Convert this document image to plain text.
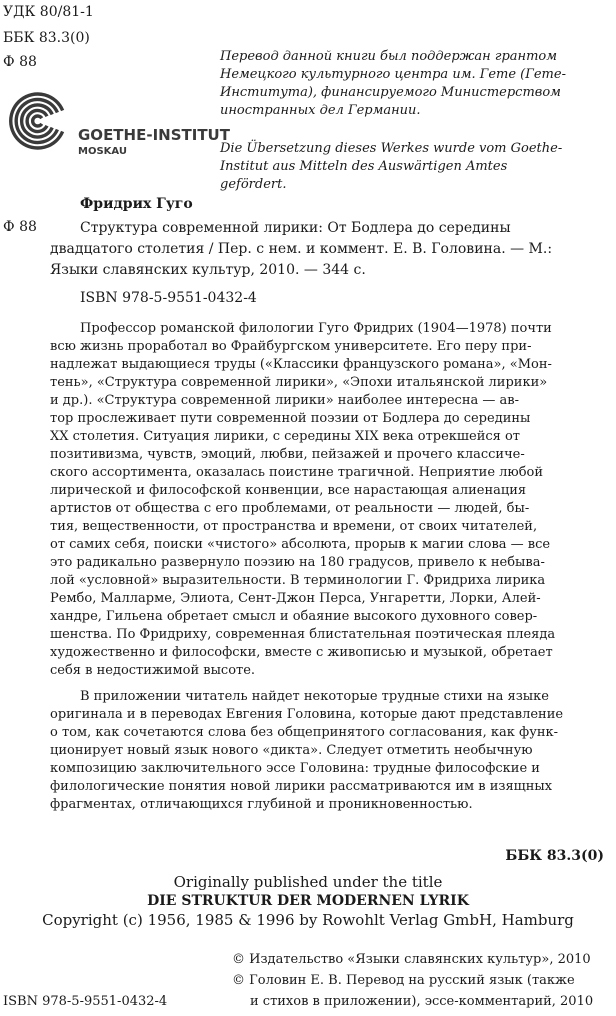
УДК 80/81-1
ББК 83.3(0)
Ф 88
GOETHE-INSTITUT
MOSKAU
Перевод данной книги был поддержан грантом
Немецкого культурного центра им. Гете (Гете-
Института), финансируемого Министерством
иностранных дел Германии.
Die Übersetzung dieses Werkes wurde vom Goethe-
Institut aus Mitteln des Auswärtigen Amtes
gefördert.
Фридрих Гуго
Ф 88	Структура современной лирики: От Бодлера до середины
двадцатого столетия / Пер. с нем. и коммент. Е. В. Головина. — М.:
Языки славянских культур, 2010. — 344 с.
ISBN 978-5-9551-0432-4
Профессор романской филологии Гуго Фридрих (1904—1978) почти
всю жизнь проработал во Фрайбургском университете. Его перу при-
надлежат выдающиеся труды («Классики французского романа», «Мон-
тень», «Структура современной лирики», «Эпохи итальянской лирики»
и др.). «Структура современной лирики» наиболее интересна — ав-
тор прослеживает пути современной поэзии от Бодлера до середины
XX столетия. Ситуация лирики, с середины XIX века отрекшейся от
позитивизма, чувств, эмоций, любви, пейзажей и прочего классиче-
ского ассортимента, оказалась поистине трагичной. Неприятие любой
лирической и философской конвенции, все нарастающая алиенация
артистов от общества с его проблемами, от реальности — людей, бы-
тия, вещественности, от пространства и времени, от своих читателей,
от самих себя, поиски «чистого» абсолюта, прорыв к магии слова — все
это радикально развернуло поэзию на 180 градусов, привело к небыва-
лой «условной» выразительности. В терминологии Г. Фридриха лирика
Рембо, Малларме, Элиота, Сент-Джон Перса, Унгаретти, Лорки, Алей-
хандре, Гильена обретает смысл и обаяние высокого духовного совер-
шенства. По Фридриху, современная блистательная поэтическая плеяда
художественно и философски, вместе с живописью и музыкой, обретает
себя в недостижимой высоте.
В приложении читатель найдет некоторые трудные стихи на языке
оригинала и в переводах Евгения Головина, которые дают представление
о том, как сочетаются слова без общепринятого согласования, как функ-
ционирует новый язык нового «дикта». Следует отметить необычную
композицию заключительного эссе Головина: трудные философские и
филологические понятия новой лирики рассматриваются им в изящных
фрагментах, отличающихся глубиной и проникновенностью.
ББК 83.3(0)
Originally published under the title
DIE STRUKTUR DER MODERNEN LYRIK
Copyright (c) 1956, 1985 & 1996 by Rowohlt Verlag GmbH, Hamburg
© Издательство «Языки славянских культур», 2010
© Головин Е. В. Перевод на русский язык (также
ISBN 978-5-9551-0432-4	и стихов в приложении), эссе-комментарий, 2010
